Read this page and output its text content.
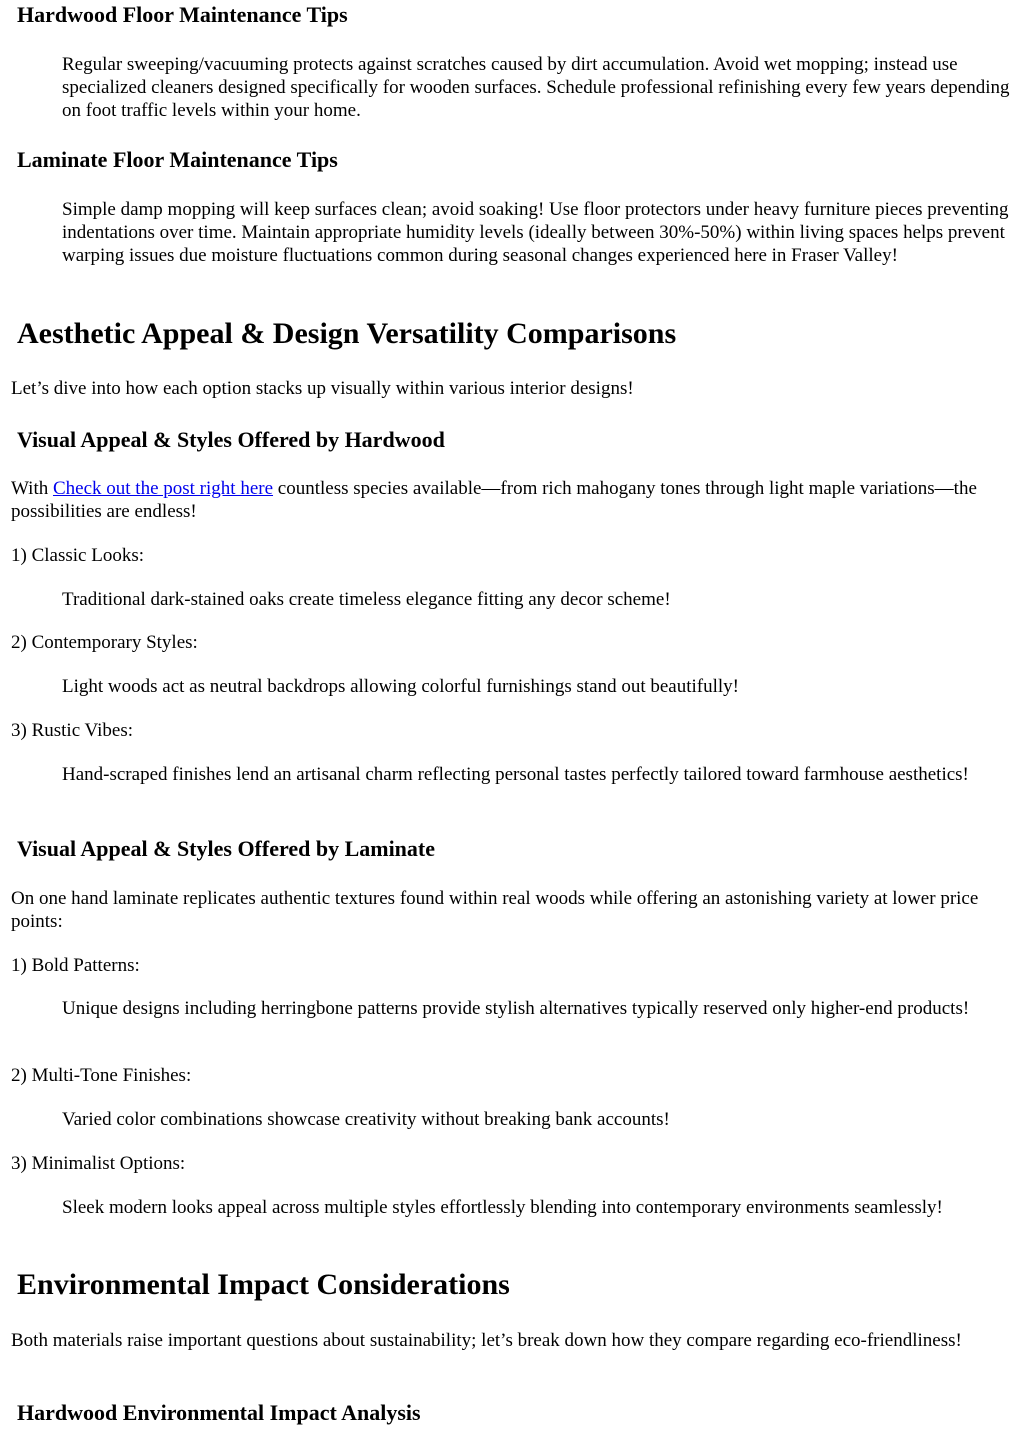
Hardwood Floor Maintenance Tips

Regular sweeping/vacuuming protects against scratches caused by dirt accumulation. Avoid wet mopping; instead use specialized cleaners designed specifically for wooden surfaces. Schedule professional refinishing every few years depending on foot traffic levels within your home.

Laminate Floor Maintenance Tips

Simple damp mopping will keep surfaces clean; avoid soaking! Use floor protectors under heavy furniture pieces preventing indentations over time. Maintain appropriate humidity levels (ideally between 30%-50%) within living spaces helps prevent warping issues due moisture fluctuations common during seasonal changes experienced here in Fraser Valley!

Aesthetic Appeal & Design Versatility Comparisons

Let’s dive into how each option stacks up visually within various interior designs!

Visual Appeal & Styles Offered by Hardwood

With Check out the post right here countless species available—from rich mahogany tones through light maple variations—the possibilities are endless!

1) Classic Looks:

Traditional dark-stained oaks create timeless elegance fitting any decor scheme!

2) Contemporary Styles:

Light woods act as neutral backdrops allowing colorful furnishings stand out beautifully!

3) Rustic Vibes:

Hand-scraped finishes lend an artisanal charm reflecting personal tastes perfectly tailored toward farmhouse aesthetics!

Visual Appeal & Styles Offered by Laminate

On one hand laminate replicates authentic textures found within real woods while offering an astonishing variety at lower price points:

1) Bold Patterns:

Unique designs including herringbone patterns provide stylish alternatives typically reserved only higher-end products!

2) Multi-Tone Finishes:

Varied color combinations showcase creativity without breaking bank accounts!

3) Minimalist Options:

Sleek modern looks appeal across multiple styles effortlessly blending into contemporary environments seamlessly!

Environmental Impact Considerations

Both materials raise important questions about sustainability; let’s break down how they compare regarding eco-friendliness!

Hardwood Environmental Impact Analysis
